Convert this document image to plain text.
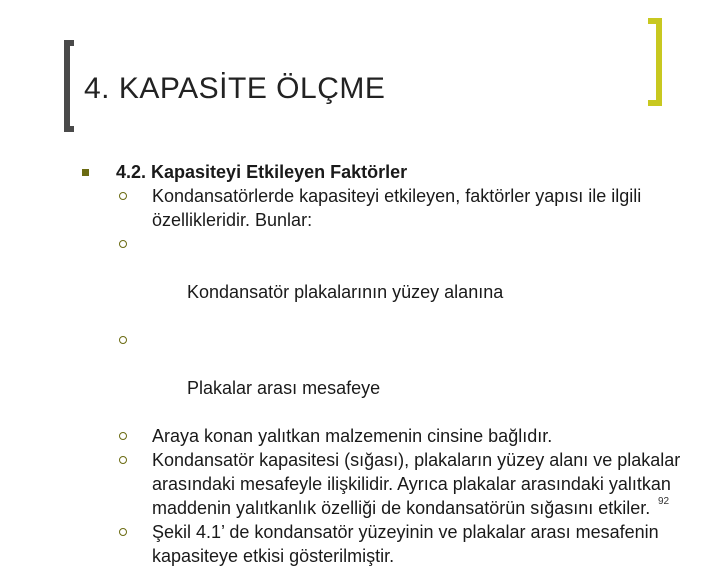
4. KAPASİTE ÖLÇME
4.2. Kapasiteyi Etkileyen Faktörler
Kondansatörlerde kapasiteyi etkileyen, faktörler yapısı ile ilgili özellikleridir. Bunlar:

Kondansatör plakalarının yüzey alanına

Plakalar arası mesafeye

Araya konan yalıtkan malzemenin cinsine bağlıdır.
Kondansatör kapasitesi (sığası), plakaların yüzey alanı ve plakalar arasındaki mesafeyle ilişkilidir. Ayrıca plakalar arasındaki yalıtkan maddenin yalıtkanlık özelliği de kondansatörün sığasını etkiler.
Şekil 4.1’ de kondansatör yüzeyinin ve plakalar arası mesafenin kapasiteye etkisi gösterilmiştir.
92
